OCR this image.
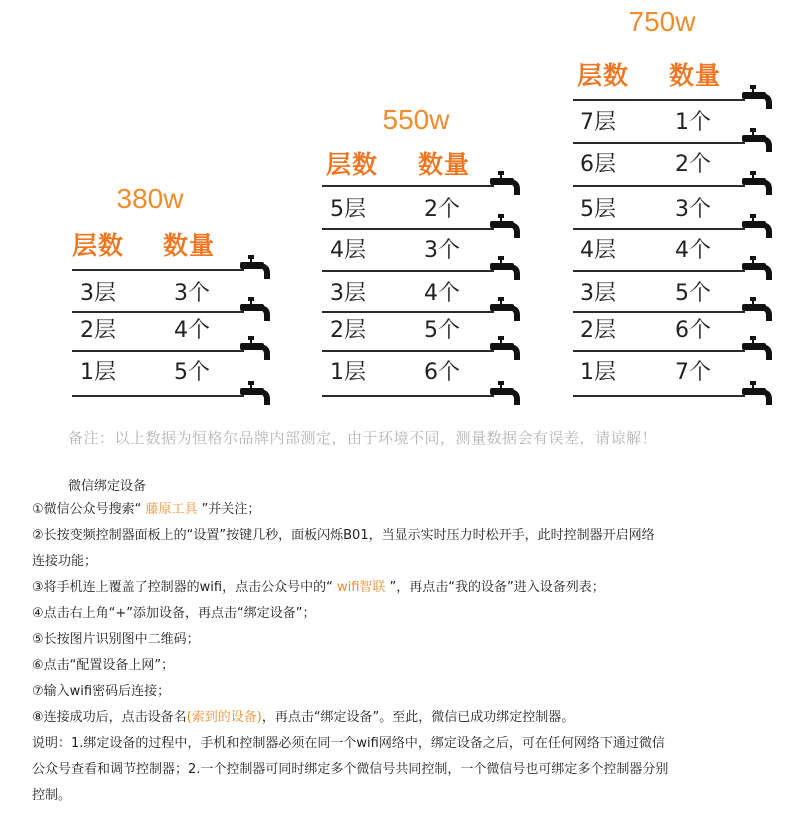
380w
层数 数量
3层	3个
2层	4个
1层	5个
550w
层数 数量
5层	2个
4层	3个
3层	4个
2层	5个
1层	6个
750w
层数 数量
7层	1个
6层	2个
5层	3个
4层	4个
3层	5个
2层	6个
1层	7个
备注：以上数据为恒格尔品牌内部测定，由于环境不同，测量数据会有误差，请谅解！
微信绑定设备
①微信公众号搜索“ 藤原工具 ”并关注；
②长按变频控制器面板上的“设置”按键几秒，面板闪烁B01，当显示实时压力时松开手，此时控制器开启网络
连接功能；
③将手机连上覆盖了控制器的wifi，点击公众号中的“ wifi智联 ”，再点击“我的设备”进入设备列表；
④点击右上角“+”添加设备，再点击“绑定设备”；
⑤长按图片识别图中二维码；
⑥点击“配置设备上网”；
⑦输入wifi密码后连接；
⑧连接成功后，点击设备名(索到的设备)，再点击“绑定设备”。至此，微信已成功绑定控制器。
说明：1.绑定设备的过程中，手机和控制器必须在同一个wifi网络中，绑定设备之后，可在任何网络下通过微信
公众号查看和调节控制器；2.一个控制器可同时绑定多个微信号共同控制，一个微信号也可绑定多个控制器分别
控制。
